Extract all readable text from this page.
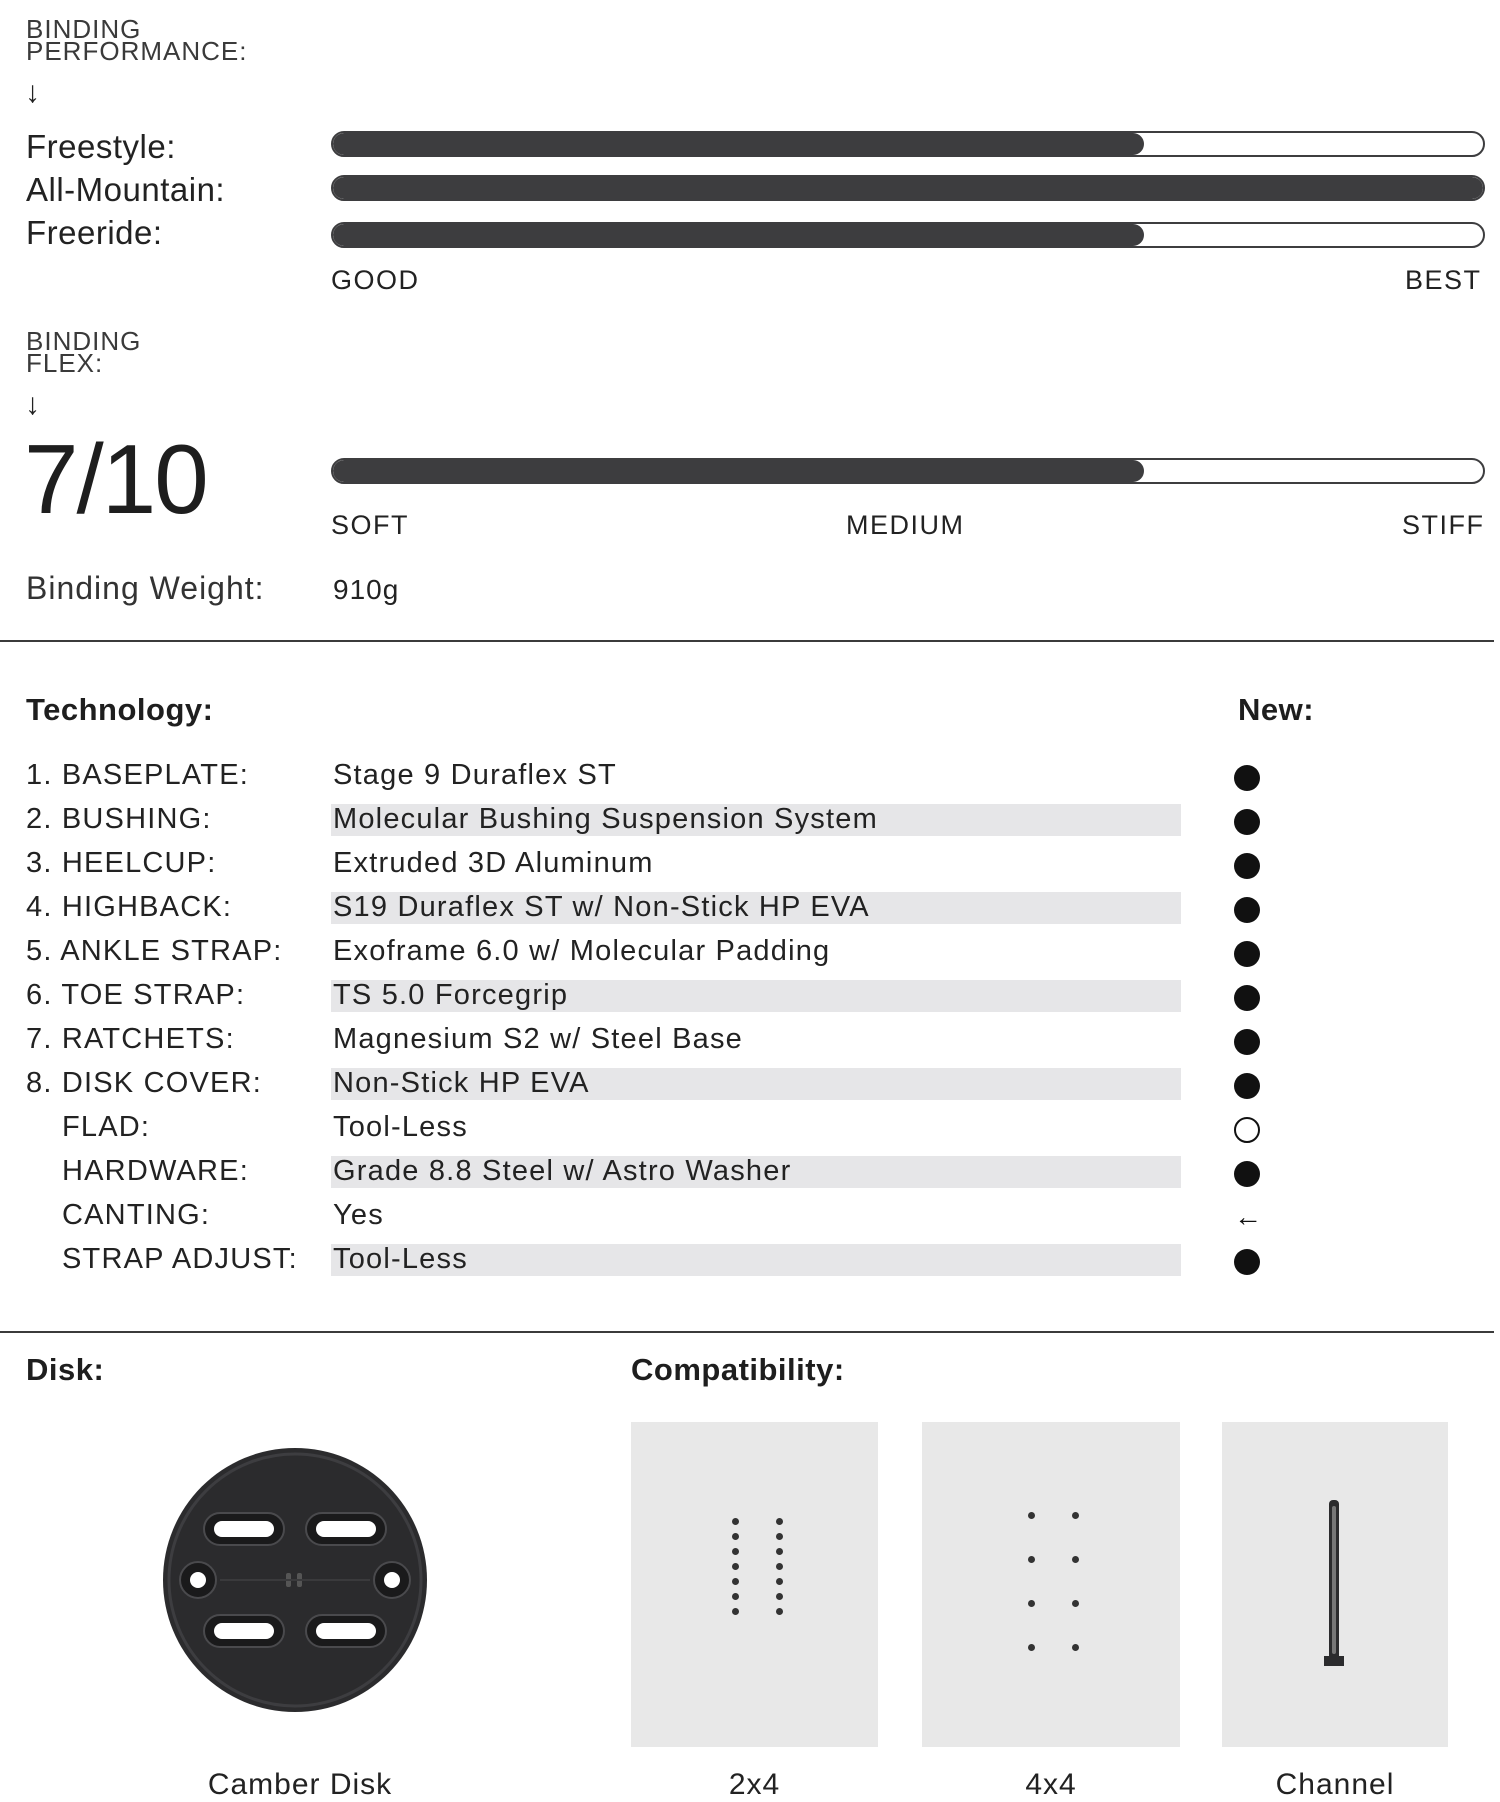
BINDING
PERFORMANCE:
↓
Freestyle:
All-Mountain:
Freeride:
GOOD	BEST
BINDING
FLEX:
↓
7/10	SOFT	MEDIUM	STIFF
Binding Weight: 910g
Technology:	New:
1. BASEPLATE:	Stage 9 Duraflex ST
2. BUSHING:	Molecular Bushing Suspension System
3. HEELCUP:	Extruded 3D Aluminum
4. HIGHBACK:	S19 Duraflex ST w/ Non-Stick HP EVA
5. ANKLE STRAP: Exoframe 6.0 w/ Molecular Padding
6. TOE STRAP:	TS 5.0 Forcegrip
7. RATCHETS:	Magnesium S2 w/ Steel Base
8. DISK COVER: Non-Stick HP EVA
FLAD:	Tool-Less
HARDWARE:	Grade 8.8 Steel w/ Astro Washer
CANTING:	Yes	←
STRAP ADJUST: Tool-Less
Disk:
Camber Disk
Compatibility:
2x4	4x4	Channel
